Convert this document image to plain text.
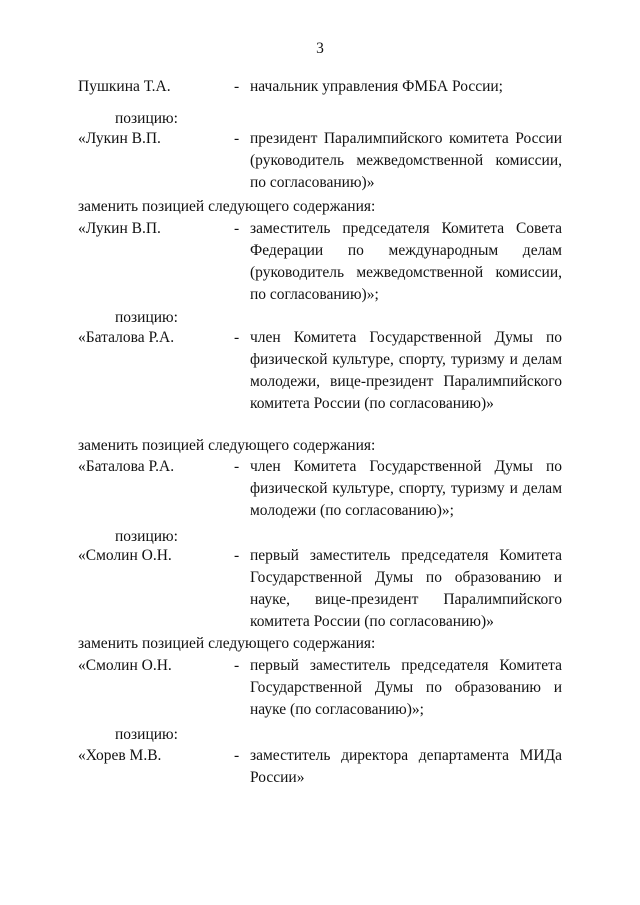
3
Пушкина Т.А.	- начальник управления ФМБА России;
позицию:
«Лукин В.П.	- президент Паралимпийского комитета России (руководитель межведомственной комиссии, по согласованию)»
заменить позицией следующего содержания:
«Лукин В.П.	- заместитель председателя Комитета Совета Федерации по международным делам (руководитель межведомственной комиссии, по согласованию)»;
позицию:
«Баталова Р.А.	- член Комитета Государственной Думы по физической культуре, спорту, туризму и делам молодежи, вице-президент Паралимпийского комитета России (по согласованию)»
заменить позицией следующего содержания:
«Баталова Р.А.	- член Комитета Государственной Думы по физической культуре, спорту, туризму и делам молодежи (по согласованию)»;
позицию:
«Смолин О.Н.	- первый заместитель председателя Комитета Государственной Думы по образованию и науке, вице-президент Паралимпийского комитета России (по согласованию)»
заменить позицией следующего содержания:
«Смолин О.Н.	- первый заместитель председателя Комитета Государственной Думы по образованию и науке (по согласованию)»;
позицию:
«Хорев М.В.	- заместитель директора департамента МИДа России»
